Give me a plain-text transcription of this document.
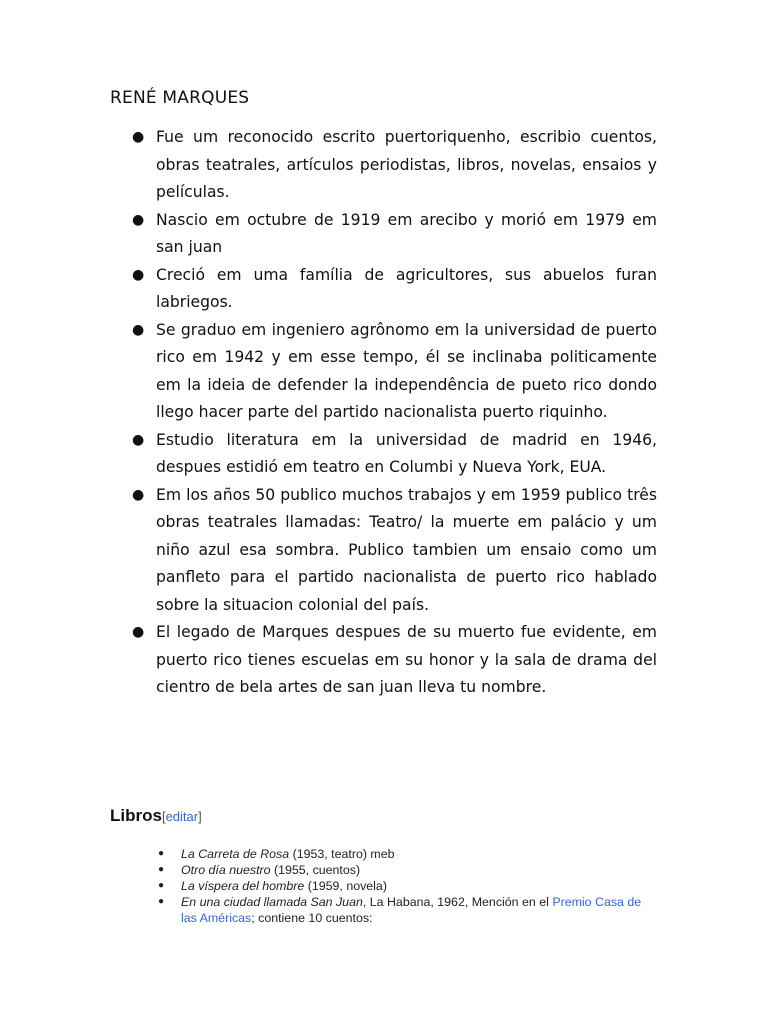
RENÉ MARQUES
● Fue um reconocido escrito puertoriquenho, escribio cuentos, obras teatrales, artículos periodistas, libros, novelas, ensaios y películas.
● Nascio em octubre de 1919 em arecibo y morió em 1979 em san juan
● Creció em uma família de agricultores, sus abuelos furan labriegos.
● Se graduo em ingeniero agrônomo em la universidad de puerto rico em 1942 y em esse tempo, él se inclinaba politicamente em la ideia de defender la independência de pueto rico dondo llego hacer parte del partido nacionalista puerto riquinho.
● Estudio literatura em la universidad de madrid en 1946, despues estidió em teatro en Columbi y Nueva York, EUA.
● Em los años 50 publico muchos trabajos y em 1959 publico três obras teatrales llamadas: Teatro/ la muerte em palácio y um niño azul esa sombra. Publico tambien um ensaio como um panfleto para el partido nacionalista de puerto rico hablado sobre la situacion colonial del país.
● El legado de Marques despues de su muerto fue evidente, em puerto rico tienes escuelas em su honor y la sala de drama del cientro de bela artes de san juan lleva tu nombre.
Libros[editar]
● La Carreta de Rosa (1953, teatro) meb
● Otro día nuestro (1955, cuentos)
● La víspera del hombre (1959, novela)
● En una ciudad llamada San Juan, La Habana, 1962, Mención en el Premio Casa de las Américas; contiene 10 cuentos:
